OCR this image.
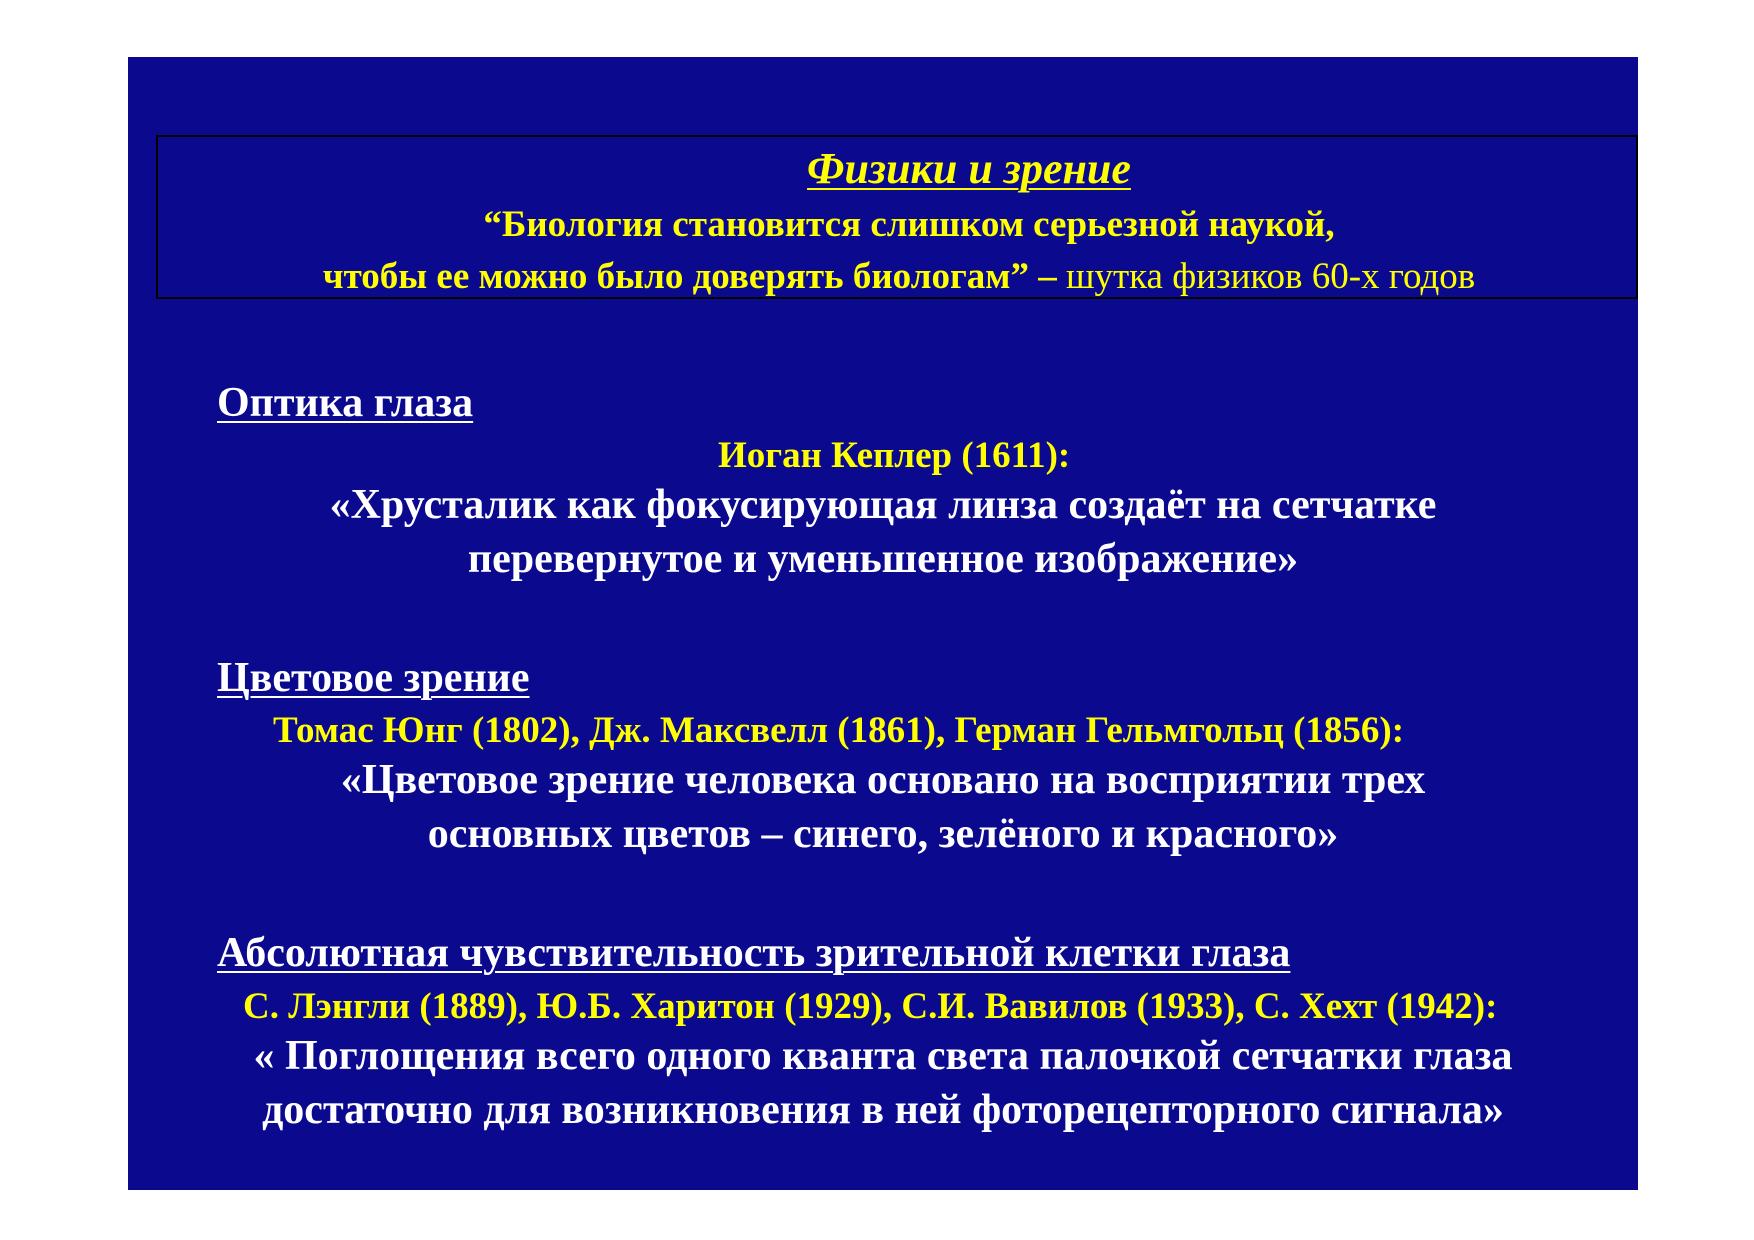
Физики и зрение
“Биология становится слишком серьезной наукой,
чтобы ее можно было доверять биологам” – шутка физиков 60-х годов
Оптика глаза
Иоган Кеплер (1611):
«Хрусталик как фокусирующая линза создаёт на сетчатке
перевернутое и уменьшенное изображение»
Цветовое зрение
Томас Юнг (1802), Дж. Максвелл (1861), Герман Гельмгольц (1856):
«Цветовое зрение человека основано на восприятии трех
основных цветов – синего, зелёного и красного»
Абсолютная чувствительность зрительной клетки глаза
С. Лэнгли (1889), Ю.Б. Харитон (1929), С.И. Вавилов (1933), С. Хехт (1942):
« Поглощения всего одного кванта света палочкой сетчатки глаза
достаточно для возникновения в ней фоторецепторного сигнала»
